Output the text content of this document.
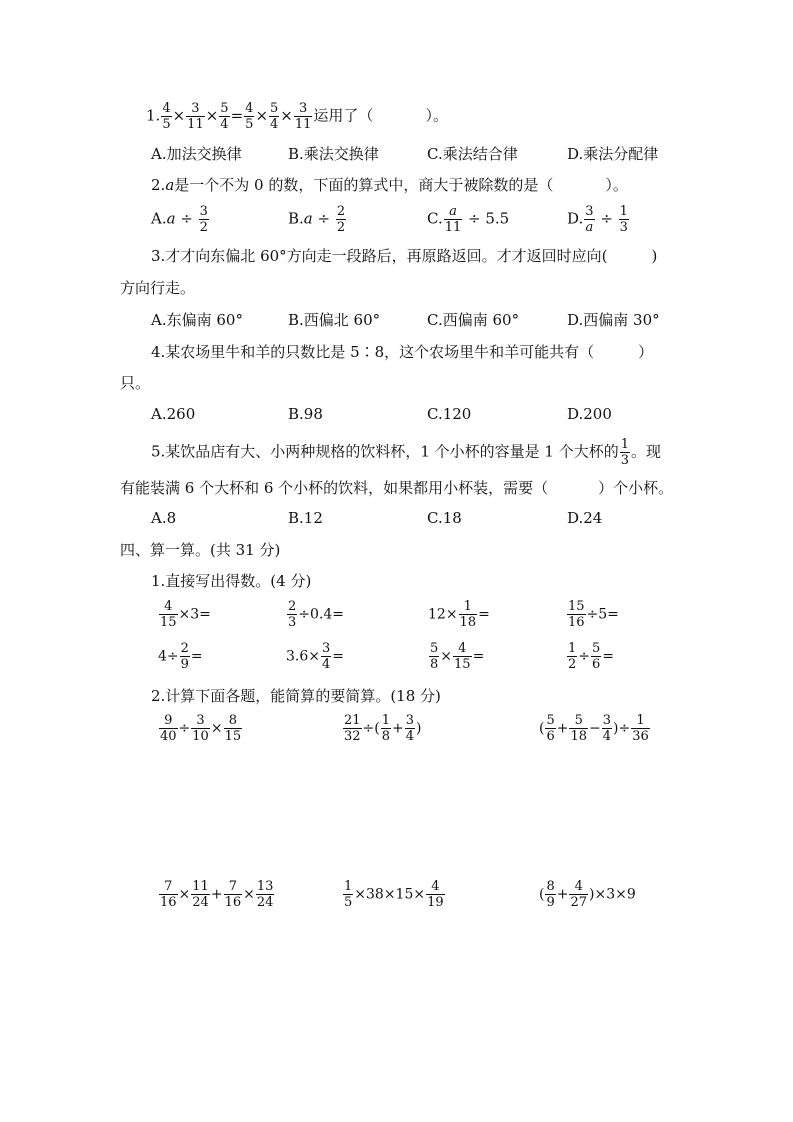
1. $\frac{4}{5} \times \frac{3}{11} \times \frac{5}{4} = \frac{4}{5} \times \frac{5}{4} \times \frac{3}{11}$ 运用了（	）。
A.加法交换律	B.乘法交换律	C.乘法结合律	D.乘法分配律
2.a是一个不为 0 的数，下面的算式中，商大于被除数的是（	）。
$A.a \div \frac{3}{2}$	$B.a \div \frac{2}{2}$	C. $\frac{a}{11} \div 5.5$	D. $\frac{3}{a} \div \frac{1}{3}$
3.才才向东偏北 60°方向走一段路后，再原路返回。才才返回时应向(	)
方向行走。
A.东偏南 60°	B.西偏北 60°	C.西偏南 60°	D.西偏南 30°
4.某农场里牛和羊的只数比是 5∶8，这个农场里牛和羊可能共有（	）
只。
A.260	B.98	C.120	D.200
5.某饮品店有大、小两种规格的饮料杯，1 个小杯的容量是 1 个大杯的 $\frac{1}{3}$ 。现
有能装满 6 个大杯和 6 个小杯的饮料，如果都用小杯装，需要（	）个小杯。
A.8	B.12	C.18	D.24
四、算一算。(共 31 分)
1.直接写出得数。(4 分)
$\frac{4}{15} \times 3=$	$\frac{2}{3} \div 0.4=$	$12\times \frac{1}{18}$ =	$\frac{15}{16} \div 5=$
$4\div \frac{2}{9}$ =	$3.6\times \frac{3}{4}$ =	$\frac{5}{8} \times \frac{4}{15}$ =	$\frac{1}{2} \div \frac{5}{6}$ =
2.计算下面各题，能简算的要简算。(18 分)
$\frac{9}{40} \div \frac{3}{10} \times \frac{8}{15}$	$\frac{21}{32}$ ÷( $\frac{1}{8} + \frac{3}{4}$ )	( $\frac{5}{6} + \frac{5}{18} - \frac{3}{4}$ )÷ $\frac{1}{36}$
$\frac{7}{16} \times \frac{11}{24} + \frac{7}{16} \times \frac{13}{24}$	$\frac{1}{5} \times 38\times 15\times \frac{4}{19}$	( $\frac{8}{9} + \frac{4}{27} )\times 3\times 9$
